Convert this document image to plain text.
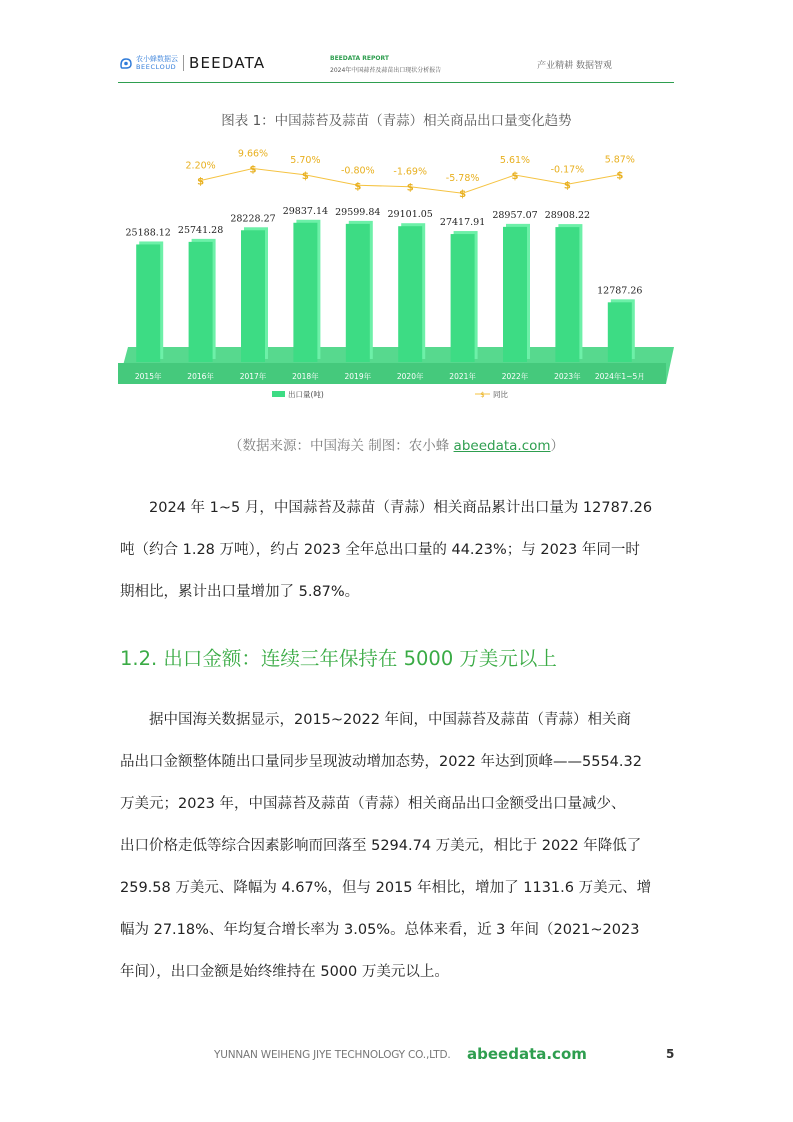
农小蜂数据云
BEECLOUD BEEDATA	BEEDATA REPORT
2024年中国蒜苔及蒜苗出口现状分析报告	产业精耕 数据智观
图表 1：中国蒜苔及蒜苗（青蒜）相关商品出口量变化趋势
25188.12
2015年
25741.28
2016年
28228.27
2017年
29837.14
2018年
29599.84
2019年
29101.05
2020年
27417.91
2021年
28957.07
2022年
28908.22
2023年
12787.26
2024年1~5月
$
2.20%	$
9.66%
$
5.70%
$
-0.80%
$
-1.69%
$
-5.78%	$
5.61%
$
-0.17%
$
5.87%
出口量(吨)	$ 同比
（数据来源：中国海关 制图：农小蜂 abeedata.com）
2024 年 1~5 月，中国蒜苔及蒜苗（青蒜）相关商品累计出口量为 12787.26
吨（约合 1.28 万吨），约占 2023 全年总出口量的 44.23%；与 2023 年同一时
期相比，累计出口量增加了 5.87%。
1.2. 出口金额：连续三年保持在 5000 万美元以上
据中国海关数据显示，2015~2022 年间，中国蒜苔及蒜苗（青蒜）相关商
品出口金额整体随出口量同步呈现波动增加态势，2022 年达到顶峰——5554.32
万美元；2023 年，中国蒜苔及蒜苗（青蒜）相关商品出口金额受出口量减少、
出口价格走低等综合因素影响而回落至 5294.74 万美元，相比于 2022 年降低了
259.58 万美元、降幅为 4.67%，但与 2015 年相比，增加了 1131.6 万美元、增
幅为 27.18%、年均复合增长率为 3.05%。总体来看，近 3 年间（2021~2023
年间），出口金额是始终维持在 5000 万美元以上。
YUNNAN WEIHENG JIYE TECHNOLOGY CO.,LTD. abeedata.com	5
